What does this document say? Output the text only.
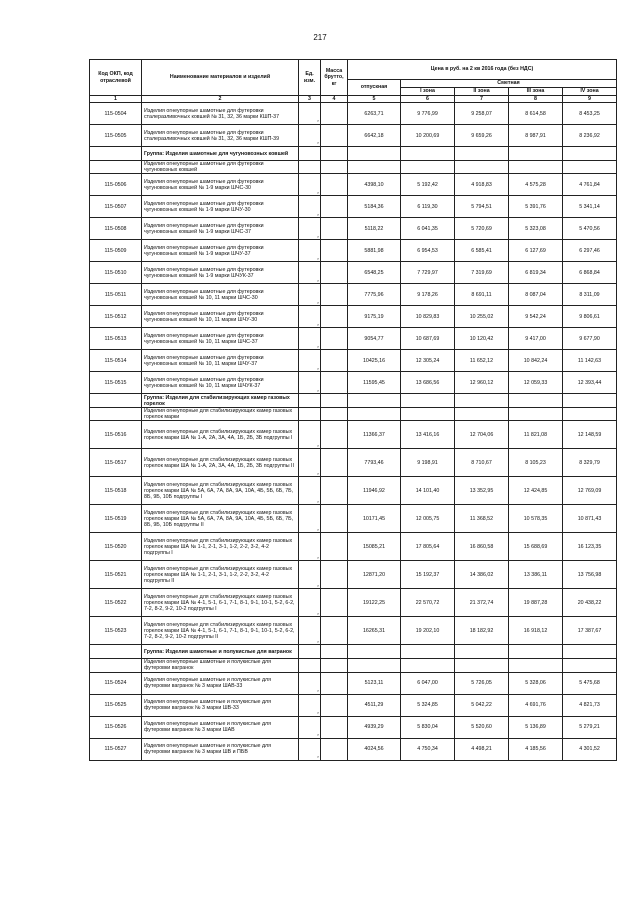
217
Код ОКП, код отраслевой	Наименование материалов и изделий	Ед. изм.	Масса брутто, кг	Цена в руб. на 2 кв 2016 года (без НДС)				
				отпускная	Сметная			
					I зона	II зона	III зона	IV зона
1	2	3	4	5	6	7	8	9
115-0504	Изделия огнеупорные шамотные для футеровки сталеразливочных ковшей № 31, 32, 36 марки КШП-37	г		6263,71	9 776,99	9 258,07	8 614,58	8 453,25
115-0505	Изделия огнеупорные шамотные для футеровки сталеразливочных ковшей № 31, 32, 36 марки КШП-39	г		6642,18	10 200,69	9 659,26	8 987,91	8 236,92
	Группа: Изделия шамотные для чугуновозных ковшей							
	Изделия огнеупорные шамотные для футеровки чугуновозных ковшей							
115-0506	Изделия огнеупорные шамотные для футеровки чугуновозных ковшей № 1-9 марки ШЧС-30	г		4398,10	5 192,42	4 918,83	4 575,28	4 761,84
115-0507	Изделия огнеупорные шамотные для футеровки чугуновозных ковшей № 1-9 марки ШЧУ-30	г		5184,36	6 119,30	5 794,51	5 391,76	5 341,14
115-0508	Изделия огнеупорные шамотные для футеровки чугуновозных ковшей № 1-9 марки ШЧС-37	г		5118,22	6 041,35	5 720,69	5 323,08	5 470,56
115-0509	Изделия огнеупорные шамотные для футеровки чугуновозных ковшей № 1-9 марки ШЧУ-37	г		5881,98	6 954,53	6 585,41	6 127,69	6 297,46
115-0510	Изделия огнеупорные шамотные для футеровки чугуновозных ковшей № 1-9 марки ШЧУК-37	г		6548,25	7 729,97	7 319,69	6 819,34	6 868,84
115-0511	Изделия огнеупорные шамотные для футеровки чугуновозных ковшей № 10, 11 марки ШЧС-30	г		7775,96	9 178,26	8 691,11	8 087,04	8 311,09
115-0512	Изделия огнеупорные шамотные для футеровки чугуновозных ковшей № 10, 11 марки ШЧУ-30	г		9175,19	10 829,83	10 255,02	9 542,24	9 806,61
115-0513	Изделия огнеупорные шамотные для футеровки чугуновозных ковшей № 10, 11 марки ШЧС-37	г		9054,77	10 687,69	10 120,42	9 417,00	9 677,90
115-0514	Изделия огнеупорные шамотные для футеровки чугуновозных ковшей № 10, 11 марки ШЧУ-37	г		10425,16	12 305,24	11 652,12	10 842,24	11 142,63
115-0515	Изделия огнеупорные шамотные для футеровки чугуновозных ковшей № 10, 11 марки ШЧУК-37	г		11595,45	13 686,56	12 960,12	12 059,33	12 393,44
	Группа: Изделия для стабилизирующих камер газовых горелок							
	Изделия огнеупорные для стабилизирующих камер газовых горелок марки							
115-0516	Изделия огнеупорные для стабилизирующих камер газовых горелок марки ША № 1-А, 2А, 3А, 4А, 1Б, 2Б, 3Б подгруппы I	г		11366,37	13 416,16	12 704,06	11 821,08	12 148,59
115-0517	Изделия огнеупорные для стабилизирующих камер газовых горелок марки ША № 1-А, 2А, 3А, 4А, 1Б, 2Б, 3Б подгруппы II	г		7793,46	9 198,91	8 710,67	8 105,23	8 329,79
115-0518	Изделия огнеупорные для стабилизирующих камер газовых горелок марки ША № 5А, 6А, 7А, 8А, 9А, 10А, 4Б, 5Б, 6Б, 7Б, 8Б, 9Б, 10Б подгруппы I	г		11946,92	14 101,40	13 352,95	12 424,85	12 769,09
115-0519	Изделия огнеупорные для стабилизирующих камер газовых горелок марки ША № 5А, 6А, 7А, 8А, 9А, 10А, 4Б, 5Б, 6Б, 7Б, 8Б, 9Б, 10Б подгруппы II	г		10171,45	12 005,75	11 368,52	10 578,35	10 871,43
115-0520	Изделия огнеупорные для стабилизирующих камер газовых горелок марки ША № 1-1, 2-1, 3-1, 1-2, 2-2, 3-2, 4-2 подгруппы I	г		15085,21	17 805,64	16 860,58	15 688,69	16 123,35
115-0521	Изделия огнеупорные для стабилизирующих камер газовых горелок марки ША № 1-1, 2-1, 3-1, 1-2, 2-2, 3-2, 4-2 подгруппы II	г		12871,20	15 192,37	14 386,02	13 386,11	13 756,98
115-0522	Изделия огнеупорные для стабилизирующих камер газовых горелок марки ША № 4-1, 5-1, 6-1, 7-1, 8-1, 9-1, 10-1, 5-2, 6-2, 7-2, 8-2, 9-2, 10-2 подгруппы I	г		19122,25	22 570,72	21 372,74	19 887,28	20 438,22
115-0523	Изделия огнеупорные для стабилизирующих камер газовых горелок марки ША № 4-1, 5-1, 6-1, 7-1, 8-1, 9-1, 10-1, 5-2, 6-2, 7-2, 8-2, 9-2, 10-2 подгруппы II	г		16265,31	19 202,10	18 182,92	16 918,12	17 387,67
	Группа: Изделия шамотные и полукислые для вагранок							
	Изделия огнеупорные шамотные и полукислые для футеровки вагранок							
115-0524	Изделия огнеупорные шамотные и полукислые для футеровки вагранок № 3 марки ШАВ-33	г		5123,11	6 047,00	5 726,05	5 328,06	5 475,68
115-0525	Изделия огнеупорные шамотные и полукислые для футеровки вагранок № 3 марки ШВ-33	г		4511,29	5 324,85	5 042,22	4 691,76	4 821,73
115-0526	Изделия огнеупорные шамотные и полукислые для футеровки вагранок № 3 марки ШАВ	г		4939,29	5 830,04	5 520,60	5 136,89	5 279,21
115-0527	Изделия огнеупорные шамотные и полукислые для футеровки вагранок № 3 марки ШВ и ПБВ	г		4024,56	4 750,34	4 498,21	4 185,56	4 301,52
